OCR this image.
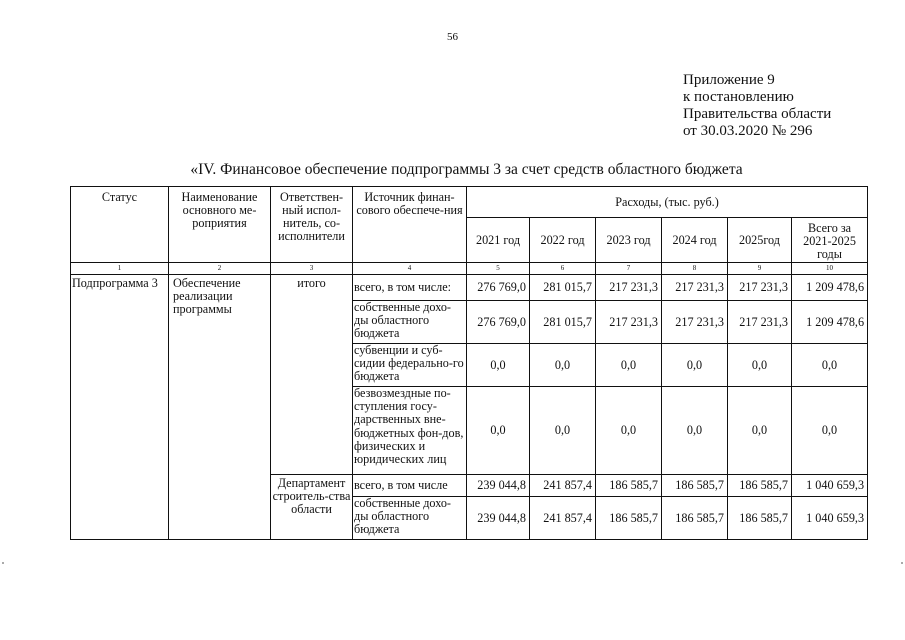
56
Приложение 9
к постановлению
Правительства области
от 30.03.2020 № 296
«IV. Финансовое обеспечение подпрограммы 3 за счет средств областного бюджета
Статус	Наименование основного ме-роприятия	Ответствен-ный испол-нитель, со-исполнители	Источник финан-сового обеспече-ния	Расходы, (тыс. руб.)					
				2021 год	2022 год	2023 год	2024 год	2025год	Всего за 2021-2025 годы
1	2	3	4	5	6	7	8	9	10
Подпрограмма 3	Обеспечение реализации программы	итого	всего, в том числе:	276 769,0	281 015,7	217 231,3	217 231,3	217 231,3	1 209 478,6
			собственные дохо-ды областного бюджета	276 769,0	281 015,7	217 231,3	217 231,3	217 231,3	1 209 478,6
			субвенции и суб-сидии федерально-го бюджета	0,0	0,0	0,0	0,0	0,0	0,0
			безвозмездные по-ступления госу-дарственных вне-бюджетных фон-дов, физических и юридических лиц	0,0	0,0	0,0	0,0	0,0	0,0
		Департамент строитель-ства области	всего, в том числе	239 044,8	241 857,4	186 585,7	186 585,7	186 585,7	1 040 659,3
			собственные дохо-ды областного бюджета	239 044,8	241 857,4	186 585,7	186 585,7	186 585,7	1 040 659,3
